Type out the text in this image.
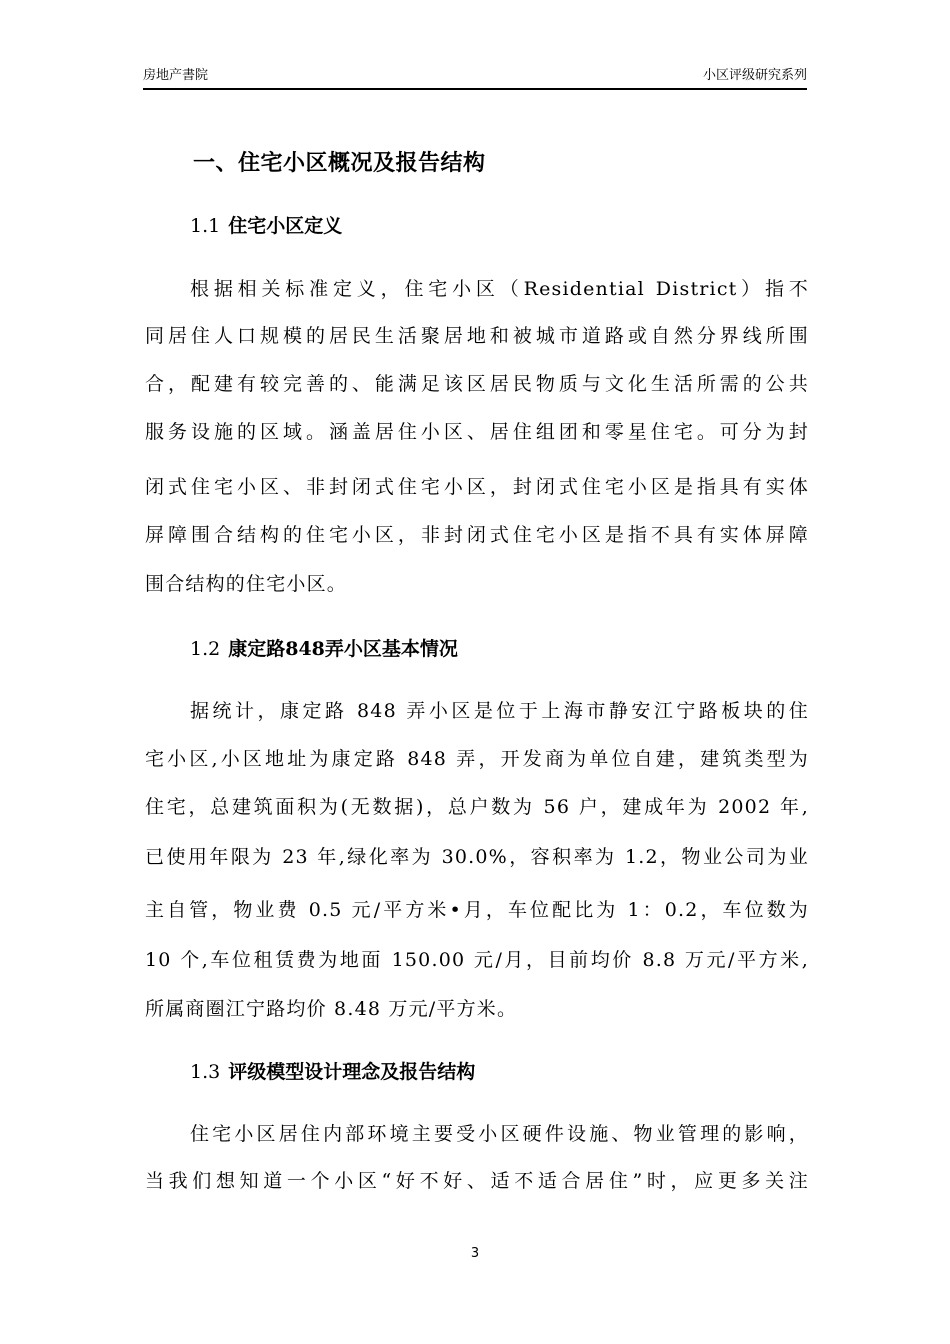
房地产書院	小区评级研究系列
一、住宅小区概况及报告结构
1.1 住宅小区定义
根据相关标准定义，住宅小区（Residential District）指不
同居住人口规模的居民生活聚居地和被城市道路或自然分界线所围
合，配建有较完善的、能满足该区居民物质与文化生活所需的公共
服务设施的区域。涵盖居住小区、居住组团和零星住宅。可分为封
闭式住宅小区、非封闭式住宅小区，封闭式住宅小区是指具有实体
屏障围合结构的住宅小区，非封闭式住宅小区是指不具有实体屏障
围合结构的住宅小区。
1.2 康定路848弄小区基本情况
据统计，康定路 848 弄小区是位于上海市静安江宁路板块的住
宅小区,小区地址为康定路 848 弄，开发商为单位自建，建筑类型为
住宅，总建筑面积为(无数据)，总户数为 56 户，建成年为 2002 年,
已使用年限为 23 年,绿化率为 30.0%，容积率为 1.2，物业公司为业
主自管，物业费 0.5 元/平方米•月，车位配比为 1：0.2，车位数为
10 个,车位租赁费为地面 150.00 元/月，目前均价 8.8 万元/平方米,
所属商圈江宁路均价 8.48 万元/平方米。
1.3 评级模型设计理念及报告结构
住宅小区居住内部环境主要受小区硬件设施、物业管理的影响，
当我们想知道一个小区“好不好、适不适合居住”时，应更多关注
3
